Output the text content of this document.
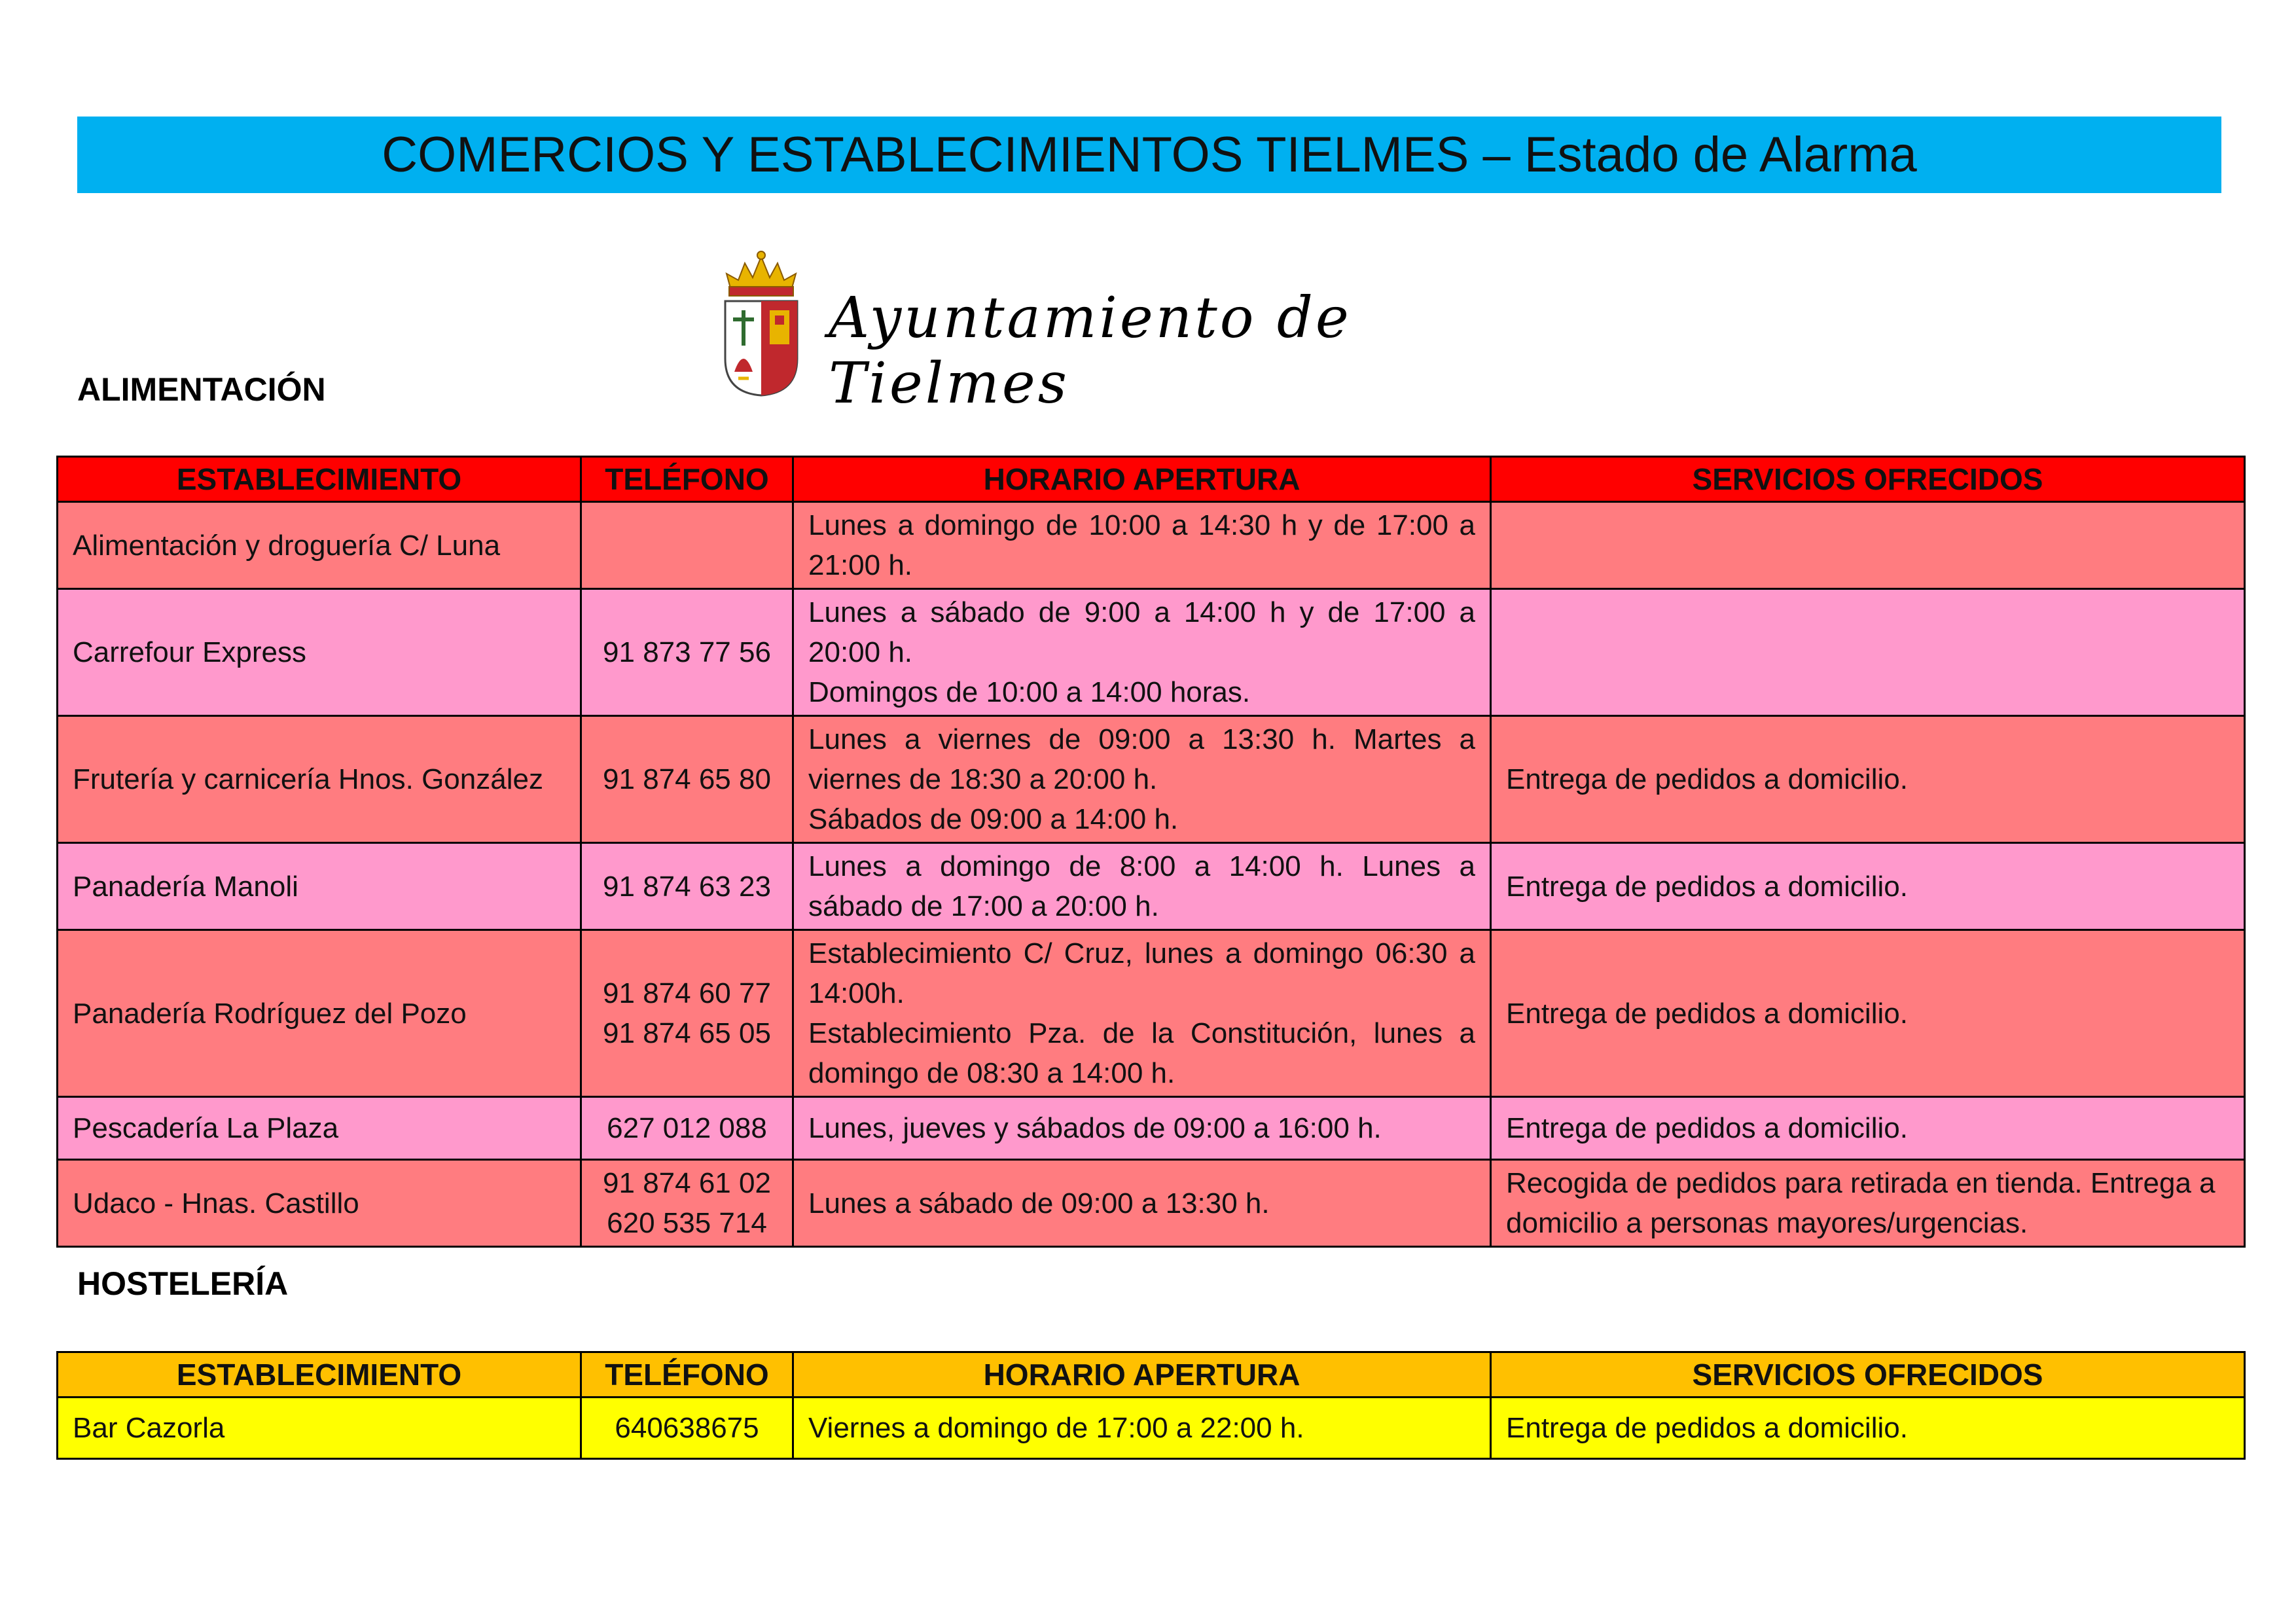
COMERCIOS Y ESTABLECIMIENTOS TIELMES – Estado de Alarma
Ayuntamiento de Tielmes
ALIMENTACIÓN
ESTABLECIMIENTO	TELÉFONO	HORARIO APERTURA	SERVICIOS OFRECIDOS
Alimentación y droguería C/ Luna		Lunes a domingo de 10:00 a 14:30 h y de 17:00 a 21:00 h.	

Carrefour Express	91 873 77 56	Lunes a sábado de 9:00 a 14:00 h y de 17:00 a 20:00 h.
Domingos de 10:00 a 14:00 horas.	

Frutería y carnicería Hnos. González	91 874 65 80	Lunes a viernes de 09:00 a 13:30 h. Martes a viernes de 18:30 a 20:00 h.
Sábados de 09:00 a 14:00 h.	Entrega de pedidos a domicilio.
Panadería Manoli	91 874 63 23	Lunes a domingo de 8:00 a 14:00 h. Lunes a sábado de 17:00 a 20:00 h.	Entrega de pedidos a domicilio.
Panadería Rodríguez del Pozo	91 874 60 77
91 874 65 05	Establecimiento C/ Cruz, lunes a domingo 06:30 a 14:00h.
Establecimiento Pza. de la Constitución, lunes a domingo de 08:30 a 14:00 h.	Entrega de pedidos a domicilio.
Pescadería La Plaza	627 012 088	Lunes, jueves y sábados de 09:00 a 16:00 h.	Entrega de pedidos a domicilio.
Udaco - Hnas. Castillo	91 874 61 02
620 535 714	Lunes a sábado de 09:00 a 13:30 h.	Recogida de pedidos para retirada en tienda. Entrega a domicilio a personas mayores/urgencias.
HOSTELERÍA
ESTABLECIMIENTO	TELÉFONO	HORARIO APERTURA	SERVICIOS OFRECIDOS
Bar Cazorla	640638675	Viernes a domingo de 17:00 a 22:00 h.	Entrega de pedidos a domicilio.
